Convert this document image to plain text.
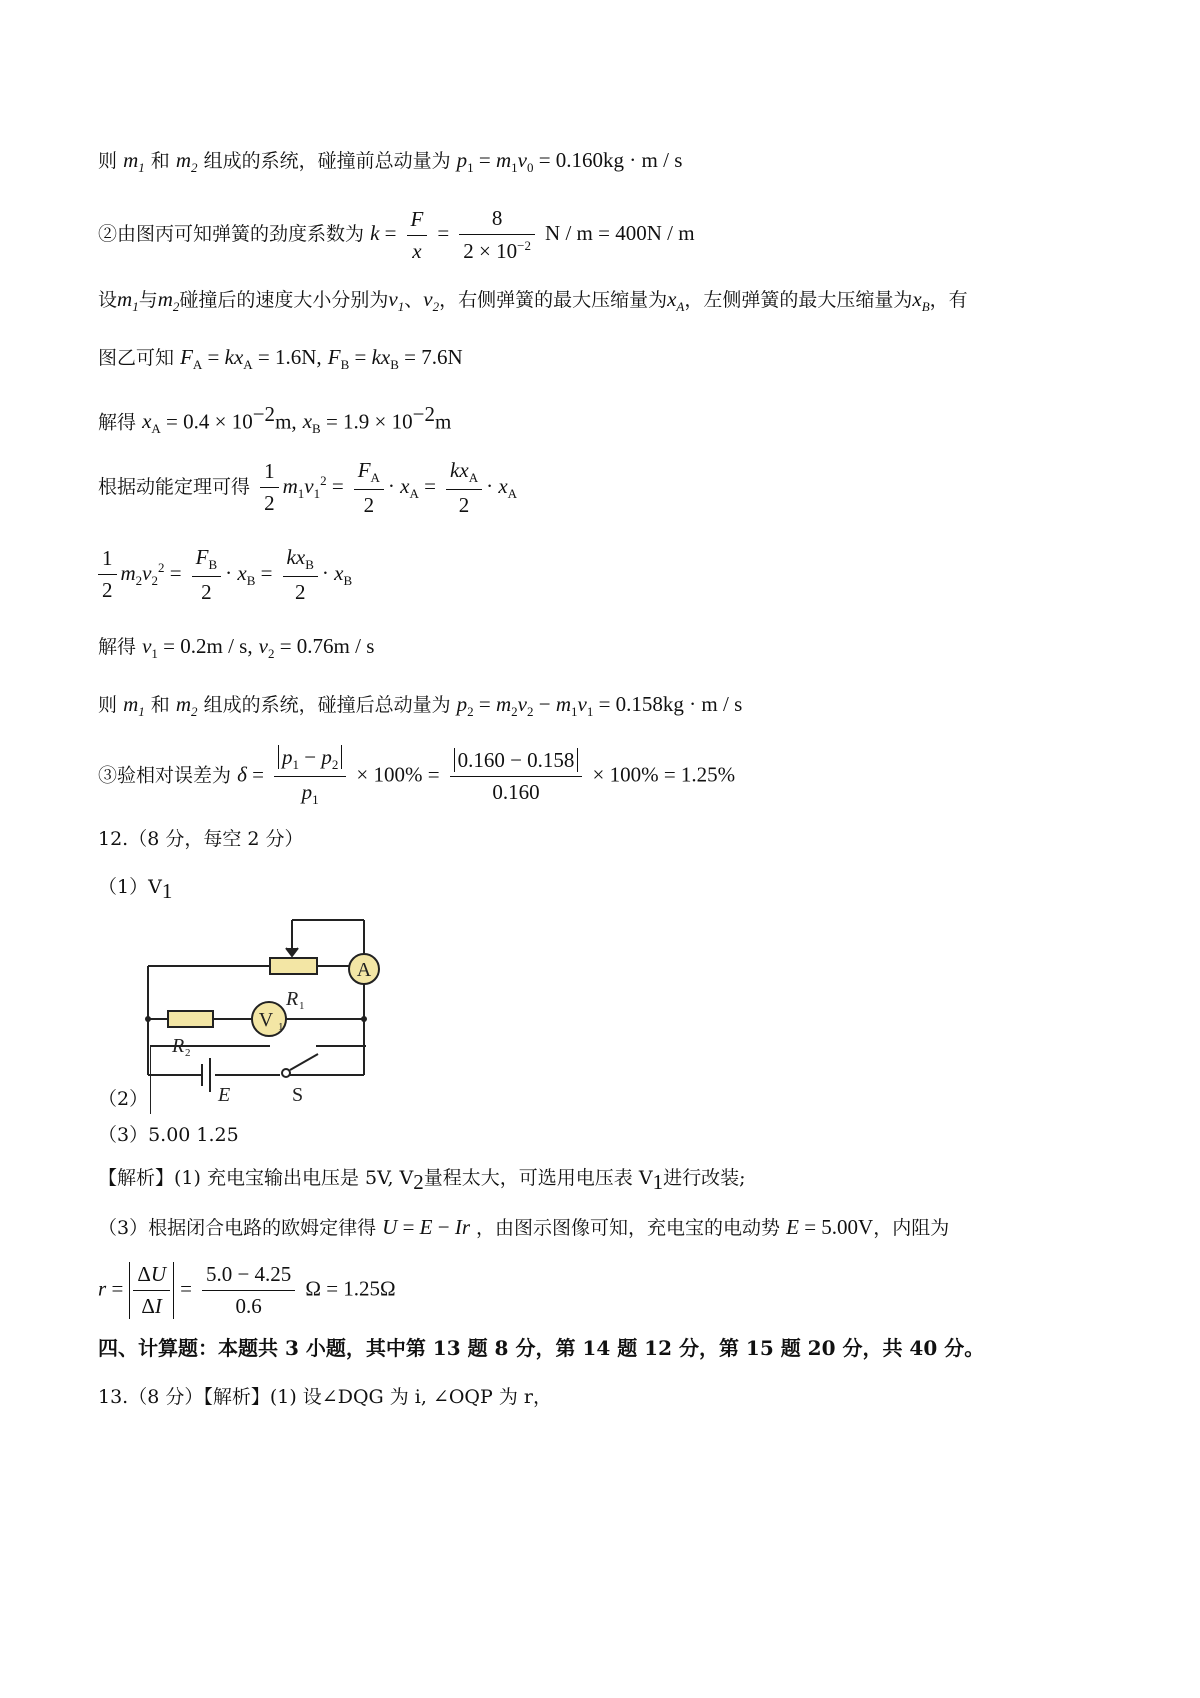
则 $m_1$ 和 $m_2$ 组成的系统，碰撞前总动量为 $p_1 = m_1v_0 = 0.160kg \cdot m / s$
②由图丙可知弹簧的劲度系数为 $k = \frac{F}{x} = \frac{8}{2 \times 10^{-2}}$ N / m = 400N / m
设$m_1$与$m_2$碰撞后的速度大小分别为$v_1$、$v_2$，右侧弹簧的最大压缩量为$x_A$，左侧弹簧的最大压缩量为$x_B$，有
图乙可知 $F_A = kx_A = 1.6N$, $F_B = kx_B = 7.6N$
解得 $x_A = 0.4 \times 10^{-2}m$, $x_B = 1.9 \times 10^{-2}m$
根据动能定理可得 $\frac{1}{2} m_1v_1^2 = \frac{F_A}{2} \cdot x_A = \frac{kx_A}{2} \cdot x_A$
$\frac{1}{2} m_2v_2^2 = \frac{F_B}{2} \cdot x_B = \frac{kx_B}{2} \cdot x_B$
解得 $v_1 = 0.2m / s$, $v_2 = 0.76m / s$
则 $m_1$ 和 $m_2$ 组成的系统，碰撞后总动量为 $p_2 = m_2v_2 - m_1v_1 = 0.158kg \cdot m / s$
③验相对误差为 $\delta = \frac{p_1 - p_2}{p_1} \times 100\% = \frac{0.160 - 0.158}{0.160} \times 100\% = 1.25\%$
12.（8 分，每空 2 分）
$(1)V_1$
A
V 1
R 1
R 2
E	S
（2）
（3）5.00 1.25
【解析】(1) 充电宝输出电压是 5V, $V_2$量程太大，可选用电压表 $V_1$进行改装;
（3）根据闭合电路的欧姆定律得 U = E − Ir ，由图示图像可知，充电宝的电动势 E = 5.00V，内阻为
$r = \frac{\Delta U}{\Delta I} = \frac{5.0 - 4.25}{0.6}$ Ω = 1.25Ω
四、计算题：本题共 3 小题，其中第 13 题 8 分，第 14 题 12 分，第 15 题 20 分，共 40 分。
13.（8 分）【解析】(1) 设∠DQG 为 i, ∠OQP 为 r，
